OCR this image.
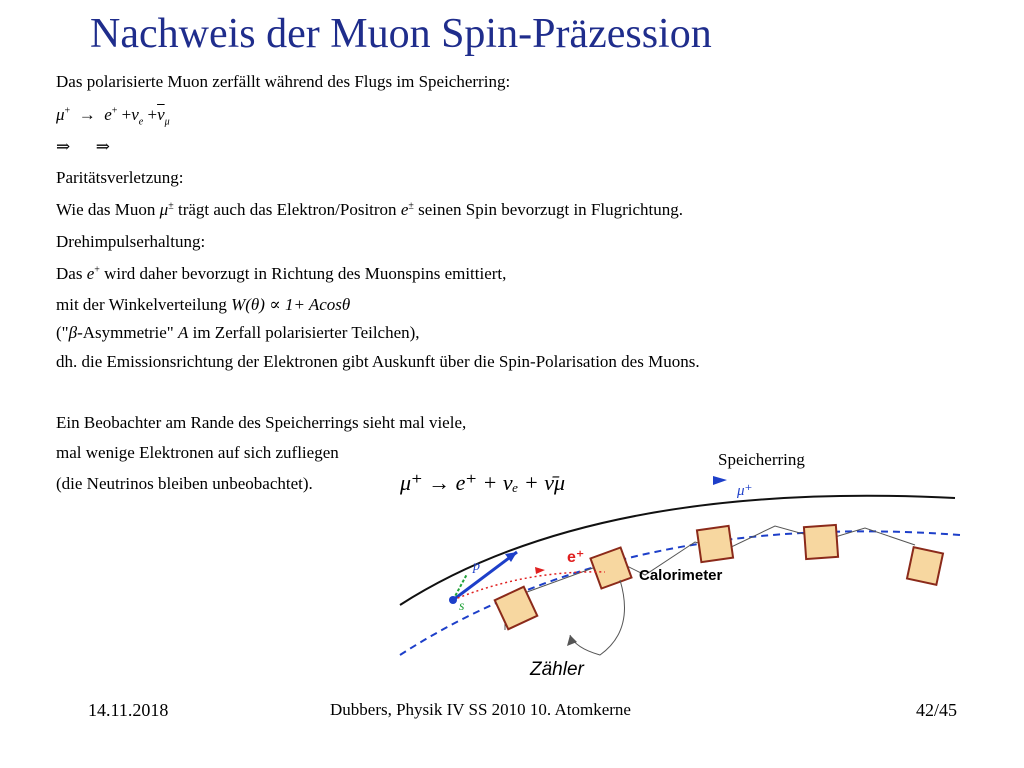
Nachweis der Muon Spin-Präzession
Das polarisierte Muon zerfällt während des Flugs im Speicherring:
$\mu^+ \to e^+ +\nu_e +\overline{\nu}_\mu$
⇒ ⇒
Paritätsverletzung:
Wie das Muon μ± trägt auch das Elektron/Positron e± seinen Spin bevorzugt in Flugrichtung.
Drehimpulserhaltung:
Das e+ wird daher bevorzugt in Richtung des Muonspins emittiert,
mit der Winkelverteilung W(θ) ∝ 1+ Acosθ
("β-Asymmetrie" A im Zerfall polarisierter Teilchen),
dh. die Emissionsrichtung der Elektronen gibt Auskunft über die Spin-Polarisation des Muons.
Ein Beobachter am Rande des Speicherrings sieht mal viele,
mal wenige Elektronen auf sich zufliegen
(die Neutrinos bleiben unbeobachtet).
Speicherring
μ⁺ → e⁺ + νₑ + ν̄μ	μ⁺
e⁺
p
s
Calorimeter
Zähler
14.11.2018	Dubbers, Physik IV SS 2010 10. Atomkerne	42/45
